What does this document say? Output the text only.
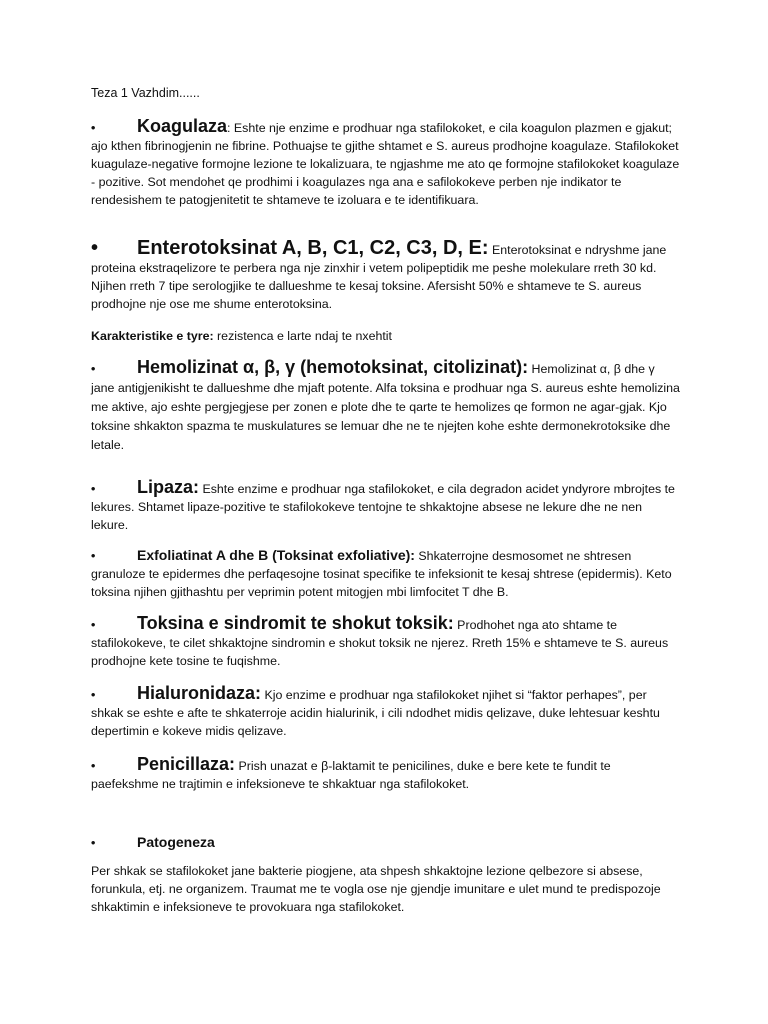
Teza 1 Vazhdim......
• Koagulaza: Eshte nje enzime e prodhuar nga stafilokoket, e cila koagulon plazmen e gjakut; ajo kthen fibrinogjenin ne fibrine. Pothuajse te gjithe shtamet e S. aureus prodhojne koagulaze. Stafilokoket kuagulaze-negative formojne lezione te lokalizuara, te ngjashme me ato qe formojne stafilokoket koagulaze - pozitive. Sot mendohet qe prodhimi i koagulazes nga ana e safilokokeve perben nje indikator te rendesishem te patogjenitetit te shtameve te izoluara e te identifikuara.
• Enterotoksinat A, B, C1, C2, C3, D, E: Enterotoksinat e ndryshme jane proteina ekstraqelizore te perbera nga nje zinxhir i vetem polipeptidik me peshe molekulare rreth 30 kd. Njihen rreth 7 tipe serologjike te dallueshme te kesaj toksine. Afersisht 50% e shtameve te S. aureus prodhojne nje ose me shume enterotoksina.
Karakteristike e tyre: rezistenca e larte ndaj te nxehtit
• Hemolizinat α, β, γ (hemotoksinat, citolizinat): Hemolizinat α, β dhe γ jane antigjenikisht te dallueshme dhe mjaft potente. Alfa toksina e prodhuar nga S. aureus eshte hemolizina me aktive, ajo eshte pergjegjese per zonen e plote dhe te qarte te hemolizes qe formon ne agar-gjak. Kjo toksine shkakton spazma te muskulatures se lemuar dhe ne te njejten kohe eshte dermonekrotoksike dhe letale.
• Lipaza: Eshte enzime e prodhuar nga stafilokoket, e cila degradon acidet yndyrore mbrojtes te lekures. Shtamet lipaze-pozitive te stafilokokeve tentojne te shkaktojne absese ne lekure dhe ne nen lekure.
•	Exfoliatinat A dhe B (Toksinat exfoliative): Shkaterrojne desmosomet ne shtresen granuloze te epidermes dhe perfaqesojne tosinat specifike te infeksionit te kesaj shtrese (epidermis). Keto toksina njihen gjithashtu per veprimin potent mitogjen mbi limfocitet T dhe B.
• Toksina e sindromit te shokut toksik: Prodhohet nga ato shtame te stafilokokeve, te cilet shkaktojne sindromin e shokut toksik ne njerez. Rreth 15% e shtameve te S. aureus prodhojne kete tosine te fuqishme.
• Hialuronidaza: Kjo enzime e prodhuar nga stafilokoket njihet si “faktor perhapes”, per shkak se eshte e afte te shkaterroje acidin hialurinik, i cili ndodhet midis qelizave, duke lehtesuar keshtu depertimin e kokeve midis qelizave.
• Penicillaza: Prish unazat e β-laktamit te penicilines, duke e bere kete te fundit te paefekshme ne trajtimin e infeksioneve te shkaktuar nga stafilokoket.
•	Patogeneza
Per shkak se stafilokoket jane bakterie piogjene, ata shpesh shkaktojne lezione qelbezore si absese, forunkula, etj. ne organizem. Traumat me te vogla ose nje gjendje imunitare e ulet mund te predispozoje shkaktimin e infeksioneve te provokuara nga stafilokoket.
